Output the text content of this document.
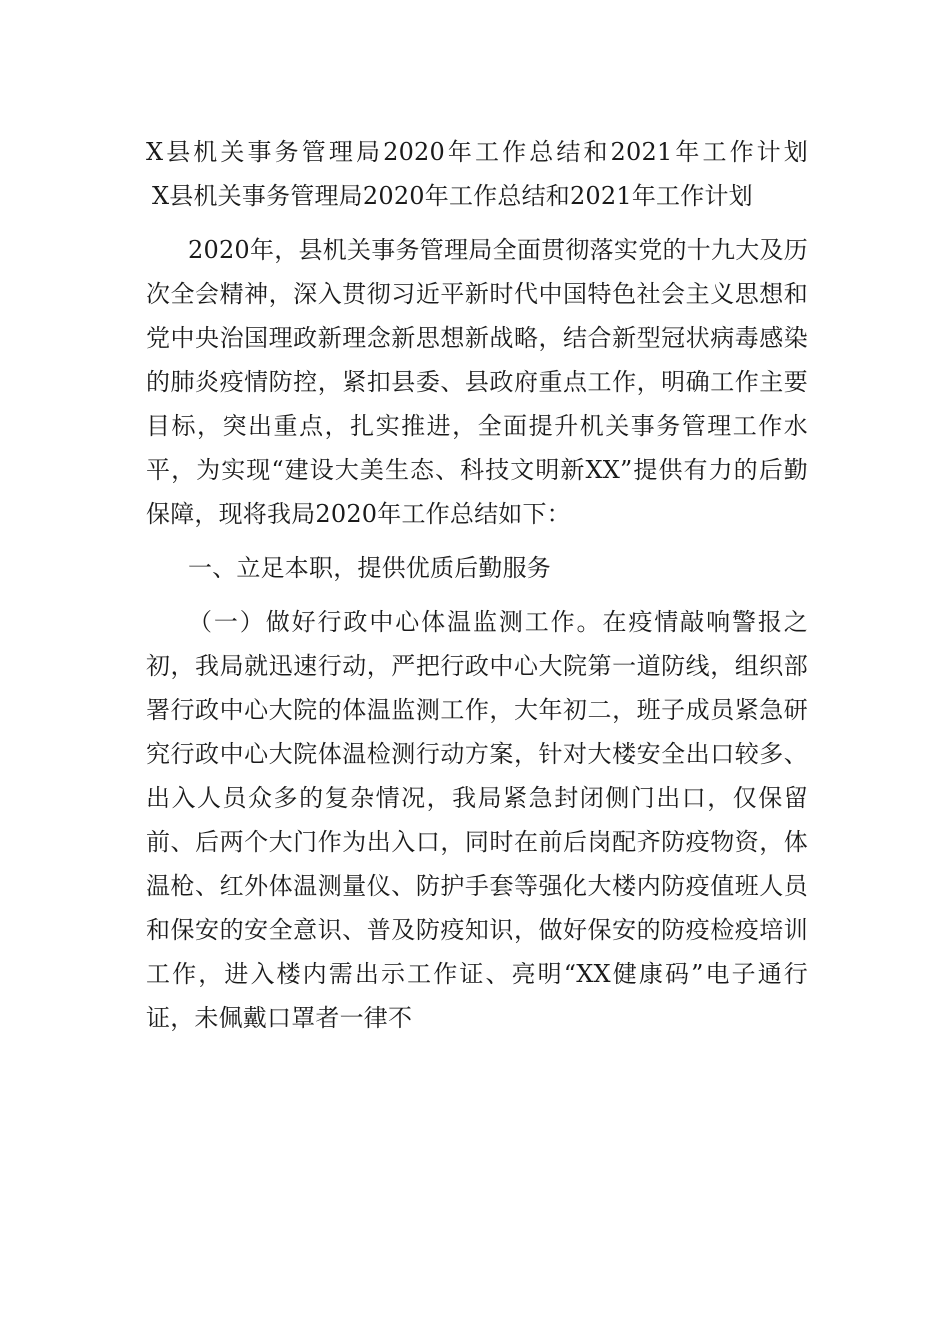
X县机关事务管理局2020年工作总结和2021年工作计划

X县机关事务管理局2020年工作总结和2021年工作计划

2020年，县机关事务管理局全面贯彻落实党的十九大及历次全会精神，深入贯彻习近平新时代中国特色社会主义思想和党中央治国理政新理念新思想新战略，结合新型冠状病毒感染的肺炎疫情防控，紧扣县委、县政府重点工作，明确工作主要目标，突出重点，扎实推进，全面提升机关事务管理工作水平，为实现“建设大美生态、科技文明新XX”提供有力的后勤保障，现将我局2020年工作总结如下：

一、立足本职，提供优质后勤服务

（一）做好行政中心体温监测工作。在疫情敲响警报之初，我局就迅速行动，严把行政中心大院第一道防线，组织部署行政中心大院的体温监测工作，大年初二，班子成员紧急研究行政中心大院体温检测行动方案，针对大楼安全出口较多、出入人员众多的复杂情况，我局紧急封闭侧门出口，仅保留前、后两个大门作为出入口，同时在前后岗配齐防疫物资，体温枪、红外体温测量仪、防护手套等强化大楼内防疫值班人员和保安的安全意识、普及防疫知识，做好保安的防疫检疫培训工作，进入楼内需出示工作证、亮明“XX健康码”电子通行证，未佩戴口罩者一律不
